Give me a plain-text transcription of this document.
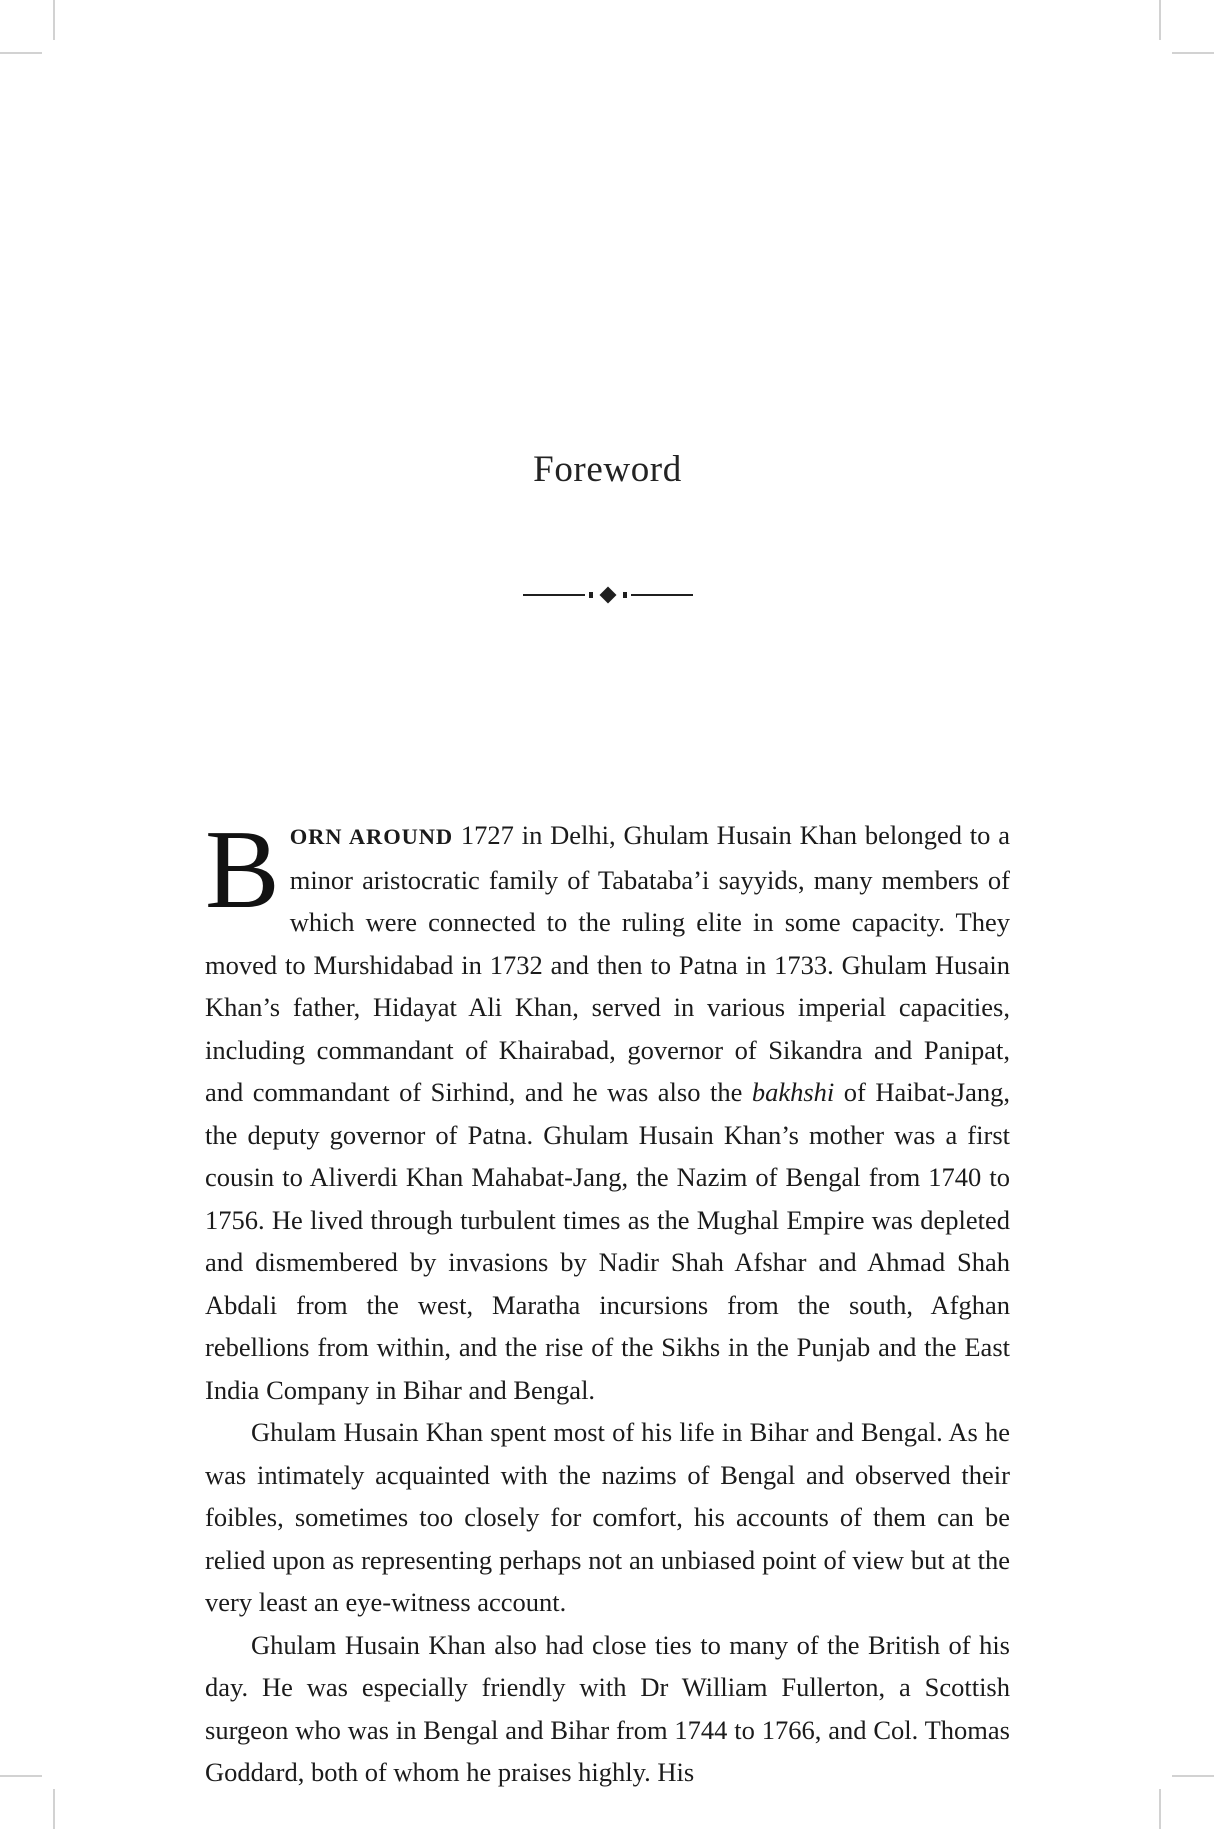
Foreword

BORN AROUND 1727 in Delhi, Ghulam Husain Khan belonged to a minor aristocratic family of Tabataba’i sayyids, many members of which were connected to the ruling elite in some capacity. They moved to Murshidabad in 1732 and then to Patna in 1733. Ghulam Husain Khan’s father, Hidayat Ali Khan, served in various imperial capacities, including commandant of Khairabad, governor of Sikandra and Panipat, and commandant of Sirhind, and he was also the bakhshi of Haibat-Jang, the deputy governor of Patna. Ghulam Husain Khan’s mother was a first cousin to Aliverdi Khan Mahabat-Jang, the Nazim of Bengal from 1740 to 1756. He lived through turbulent times as the Mughal Empire was depleted and dismembered by invasions by Nadir Shah Afshar and Ahmad Shah Abdali from the west, Maratha incursions from the south, Afghan rebellions from within, and the rise of the Sikhs in the Punjab and the East India Company in Bihar and Bengal.

Ghulam Husain Khan spent most of his life in Bihar and Bengal. As he was intimately acquainted with the nazims of Bengal and observed their foibles, sometimes too closely for comfort, his accounts of them can be relied upon as representing perhaps not an unbiased point of view but at the very least an eye-witness account.

Ghulam Husain Khan also had close ties to many of the British of his day. He was especially friendly with Dr William Fullerton, a Scottish surgeon who was in Bengal and Bihar from 1744 to 1766, and Col. Thomas Goddard, both of whom he praises highly. His
